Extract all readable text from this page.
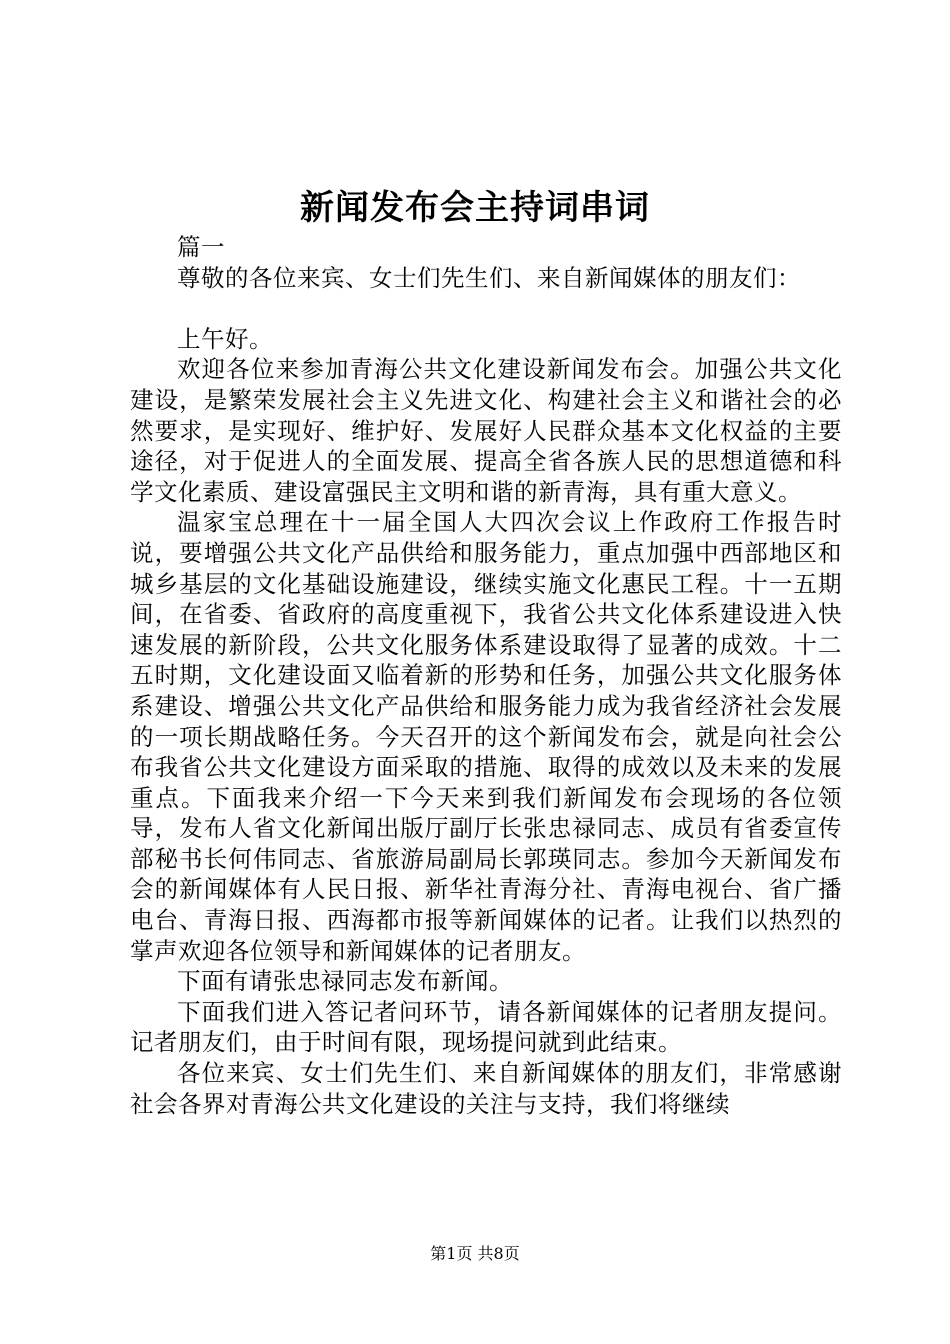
新闻发布会主持词串词

篇一

尊敬的各位来宾、女士们先生们、来自新闻媒体的朋友们：

上午好。

欢迎各位来参加青海公共文化建设新闻发布会。加强公共文化建设，是繁荣发展社会主义先进文化、构建社会主义和谐社会的必然要求，是实现好、维护好、发展好人民群众基本文化权益的主要途径，对于促进人的全面发展、提高全省各族人民的思想道德和科学文化素质、建设富强民主文明和谐的新青海，具有重大意义。

温家宝总理在十一届全国人大四次会议上作政府工作报告时说，要增强公共文化产品供给和服务能力，重点加强中西部地区和城乡基层的文化基础设施建设，继续实施文化惠民工程。十一五期间，在省委、省政府的高度重视下，我省公共文化体系建设进入快速发展的新阶段，公共文化服务体系建设取得了显著的成效。十二五时期，文化建设面又临着新的形势和任务，加强公共文化服务体系建设、增强公共文化产品供给和服务能力成为我省经济社会发展的一项长期战略任务。今天召开的这个新闻发布会，就是向社会公布我省公共文化建设方面采取的措施、取得的成效以及未来的发展重点。下面我来介绍一下今天来到我们新闻发布会现场的各位领导，发布人省文化新闻出版厅副厅长张忠禄同志、成员有省委宣传部秘书长何伟同志、省旅游局副局长郭瑛同志。参加今天新闻发布会的新闻媒体有人民日报、新华社青海分社、青海电视台、省广播电台、青海日报、西海都市报等新闻媒体的记者。让我们以热烈的掌声欢迎各位领导和新闻媒体的记者朋友。

下面有请张忠禄同志发布新闻。

下面我们进入答记者问环节，请各新闻媒体的记者朋友提问。记者朋友们，由于时间有限，现场提问就到此结束。

各位来宾、女士们先生们、来自新闻媒体的朋友们，非常感谢社会各界对青海公共文化建设的关注与支持，我们将继续

第1页 共8页
